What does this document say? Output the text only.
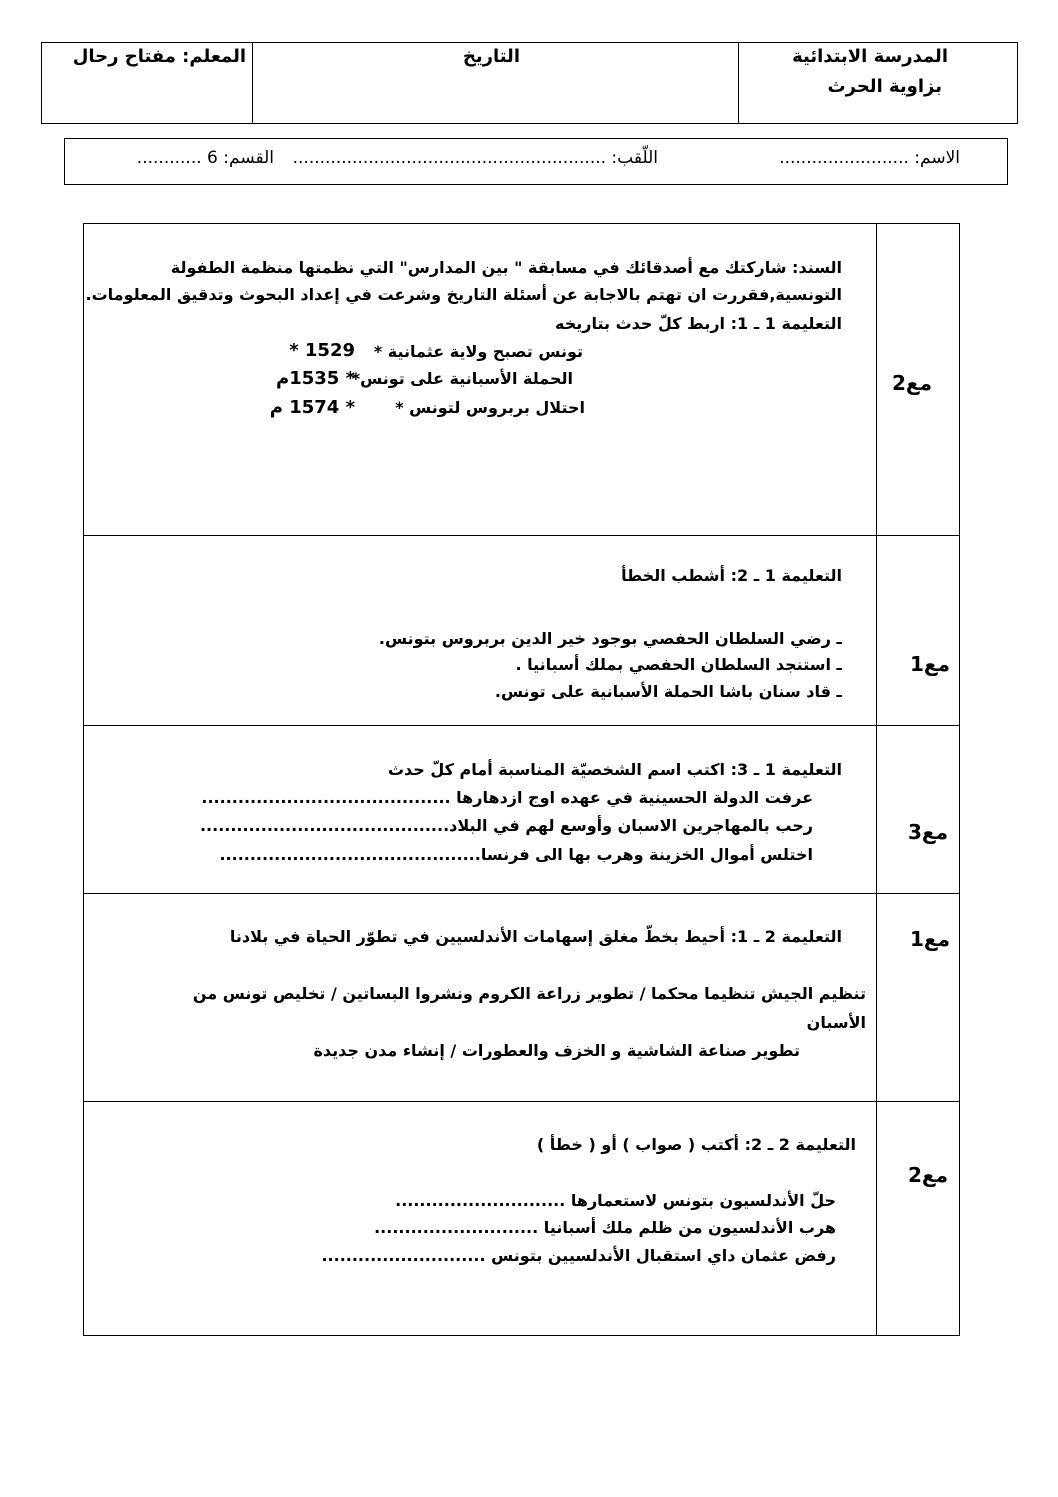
المدرسة الابتدائية
بزاوية الحرث
التاريخ
المعلم: مفتاح رحال
الاسم: ........................
اللّقب: ..........................................................
القسم: 6 ............
مع2
السند: شاركتك مع أصدقائك في مسابقة " بين المدارس" التي نظمتها منظمة الطفولة
التونسية,فقررت ان تهتم بالاجابة عن أسئلة التاريخ وشرعت في إعداد البحوث وتدقيق المعلومات.
التعليمة 1 ـ 1: اربط كلّ حدث بتاريخه
تونس تصبح ولاية عثمانية *
الحملة الأسبانية على تونس*
احتلال بربروس لتونس *
* 1529
* 1535م
* 1574 م
مع1
التعليمة 1 ـ 2: أشطب الخطأ
ـ رضي السلطان الحفصي بوجود خير الدين بربروس بتونس.
ـ استنجد السلطان الحفصي بملك أسبانيا .
ـ قاد سنان باشا الحملة الأسبانية على تونس.
مع3
التعليمة 1 ـ 3: اكتب اسم الشخصيّة المناسبة أمام كلّ حدث
عرفت الدولة الحسينية في عهده اوج ازدهارها .........................................
رحب بالمهاجرين الاسبان وأوسع لهم في البلاد.........................................
اختلس أموال الخزينة وهرب بها الى فرنسا...........................................
مع1
التعليمة 2 ـ 1: أحيط بخطّ مغلق إسهامات الأندلسيين في تطوّر الحياة في بلادنا
تنظيم الجيش تنظيما محكما / تطوير زراعة الكروم ونشروا البساتين / تخليص تونس من
الأسبان
تطوير صناعة الشاشية و الخزف والعطورات / إنشاء مدن جديدة
مع2
التعليمة 2 ـ 2: أكتب ( صواب ) أو ( خطأ )
حلّ الأندلسيون بتونس لاستعمارها ............................
هرب الأندلسيون من ظلم ملك أسبانيا ...........................
رفض عثمان داي استقبال الأندلسيين بتونس ...........................
